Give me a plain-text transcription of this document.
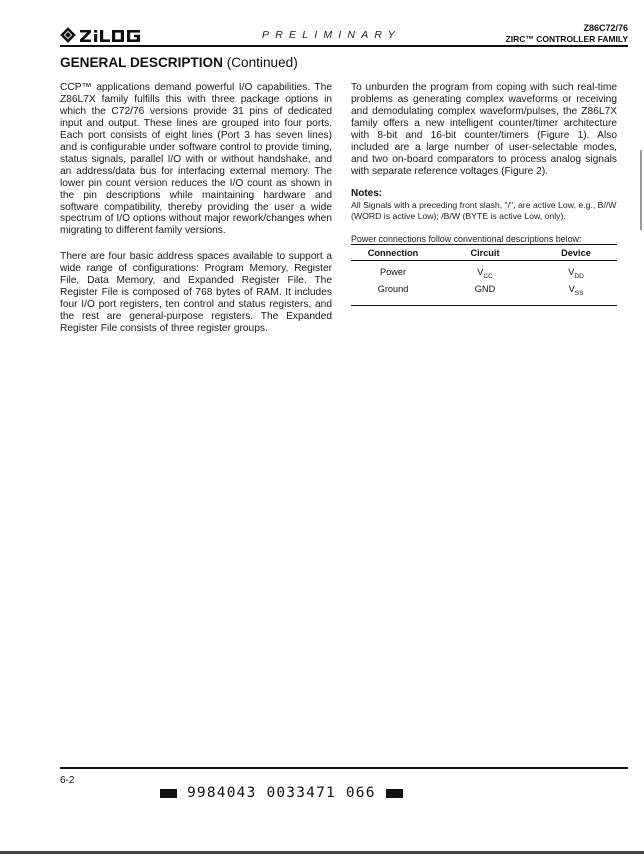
PRELIMINARY
Z86C72/76
ZIRC™ CONTROLLER FAMILY
GENERAL DESCRIPTION (Continued)
CCP™ applications demand powerful I/O capabilities. The Z86L7X family fulfills this with three package options in which the C72/76 versions provide 31 pins of dedicated input and output. These lines are grouped into four ports. Each port consists of eight lines (Port 3 has seven lines) and is configurable under software control to provide timing, status signals, parallel I/O with or without handshake, and an address/data bus for interfacing external memory. The lower pin count version reduces the I/O count as shown in the pin descriptions while maintaining hardware and software compatibility, thereby providing the user a wide spectrum of I/O options without major rework/changes when migrating to different family versions.
There are four basic address spaces available to support a wide range of configurations: Program Memory, Register File, Data Memory, and Expanded Register File. The Register File is composed of 768 bytes of RAM. It includes four I/O port registers, ten control and status registers, and the rest are general-purpose registers. The Expanded Register File consists of three register groups.
To unburden the program from coping with such real-time problems as generating complex waveforms or receiving and demodulating complex waveform/pulses, the Z86L7X family offers a new intelligent counter/timer architecture with 8-bit and 16-bit counter/timers (Figure 1). Also included are a large number of user-selectable modes, and two on-board comparators to process analog signals with separate reference voltages (Figure 2).
Notes:
All Signals with a preceding front slash, "/", are active Low, e.g., B//W (WORD is active Low); /B/W (BYTE is active Low, only).
Power connections follow conventional descriptions below:
Connection	Circuit	Device
Power	$V_{CC}$	$V_{DD}$
Ground	GND	$V_{SS}$
6-2
9984043 0033471 066
